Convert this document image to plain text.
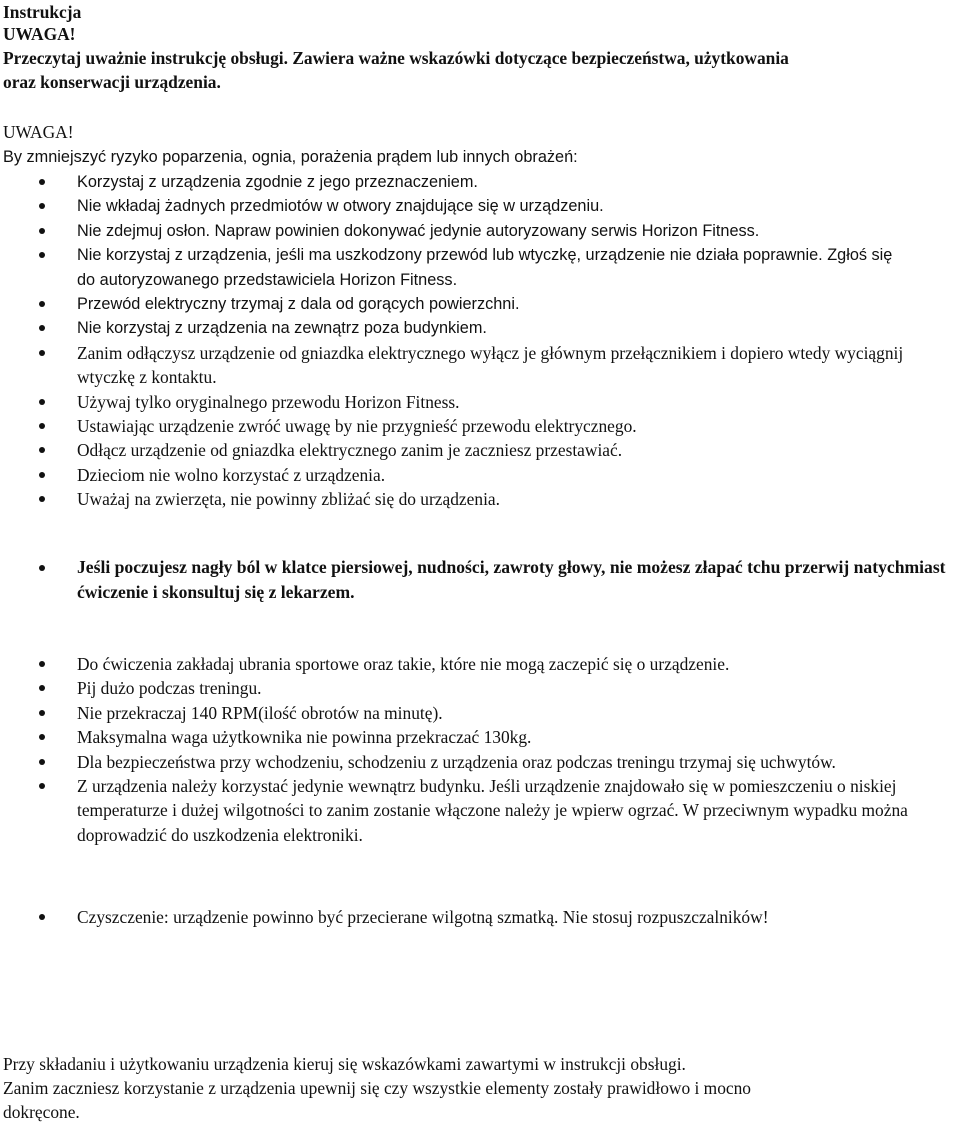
Instrukcja
UWAGA!
Przeczytaj uważnie instrukcję obsługi. Zawiera ważne wskazówki dotyczące bezpieczeństwa, użytkowania
oraz konserwacji urządzenia.
UWAGA!
By zmniejszyć ryzyko poparzenia, ognia, porażenia prądem lub innych obrażeń:
Korzystaj z urządzenia zgodnie z jego przeznaczeniem.
Nie wkładaj żadnych przedmiotów w otwory znajdujące się w urządzeniu.
Nie zdejmuj osłon. Napraw powinien dokonywać jedynie autoryzowany serwis Horizon Fitness.
Nie korzystaj z urządzenia, jeśli ma uszkodzony przewód lub wtyczkę, urządzenie nie działa poprawnie. Zgłoś się do autoryzowanego przedstawiciela Horizon Fitness.
Przewód elektryczny trzymaj z dala od gorących powierzchni.
Nie korzystaj z urządzenia na zewnątrz poza budynkiem.
Zanim odłączysz urządzenie od gniazdka elektrycznego wyłącz je głównym przełącznikiem i dopiero wtedy wyciągnij wtyczkę z kontaktu.
Używaj tylko oryginalnego przewodu Horizon Fitness.
Ustawiając urządzenie zwróć uwagę by nie przygnieść przewodu elektrycznego.
Odłącz urządzenie od gniazdka elektrycznego zanim je zaczniesz przestawiać.
Dzieciom nie wolno korzystać z urządzenia.
Uważaj na zwierzęta, nie powinny zbliżać się do urządzenia.
Jeśli poczujesz nagły ból w klatce piersiowej, nudności, zawroty głowy, nie możesz złapać tchu przerwij natychmiast ćwiczenie i skonsultuj się z lekarzem.
Do ćwiczenia zakładaj ubrania sportowe oraz takie, które nie mogą zaczepić się o urządzenie.
Pij dużo podczas treningu.
Nie przekraczaj 140 RPM(ilość obrotów na minutę).
Maksymalna waga użytkownika nie powinna przekraczać 130kg.
Dla bezpieczeństwa przy wchodzeniu, schodzeniu z urządzenia oraz podczas treningu trzymaj się uchwytów.
Z urządzenia należy korzystać jedynie wewnątrz budynku. Jeśli urządzenie znajdowało się w pomieszczeniu o niskiej temperaturze i dużej wilgotności to zanim zostanie włączone należy je wpierw ogrzać. W przeciwnym wypadku można doprowadzić do uszkodzenia elektroniki.
Czyszczenie: urządzenie powinno być przecierane wilgotną szmatką. Nie stosuj rozpuszczalników!
Przy składaniu i użytkowaniu urządzenia kieruj się wskazówkami zawartymi w instrukcji obsługi.
Zanim zaczniesz korzystanie z urządzenia upewnij się czy wszystkie elementy zostały prawidłowo i mocno
dokręcone.
